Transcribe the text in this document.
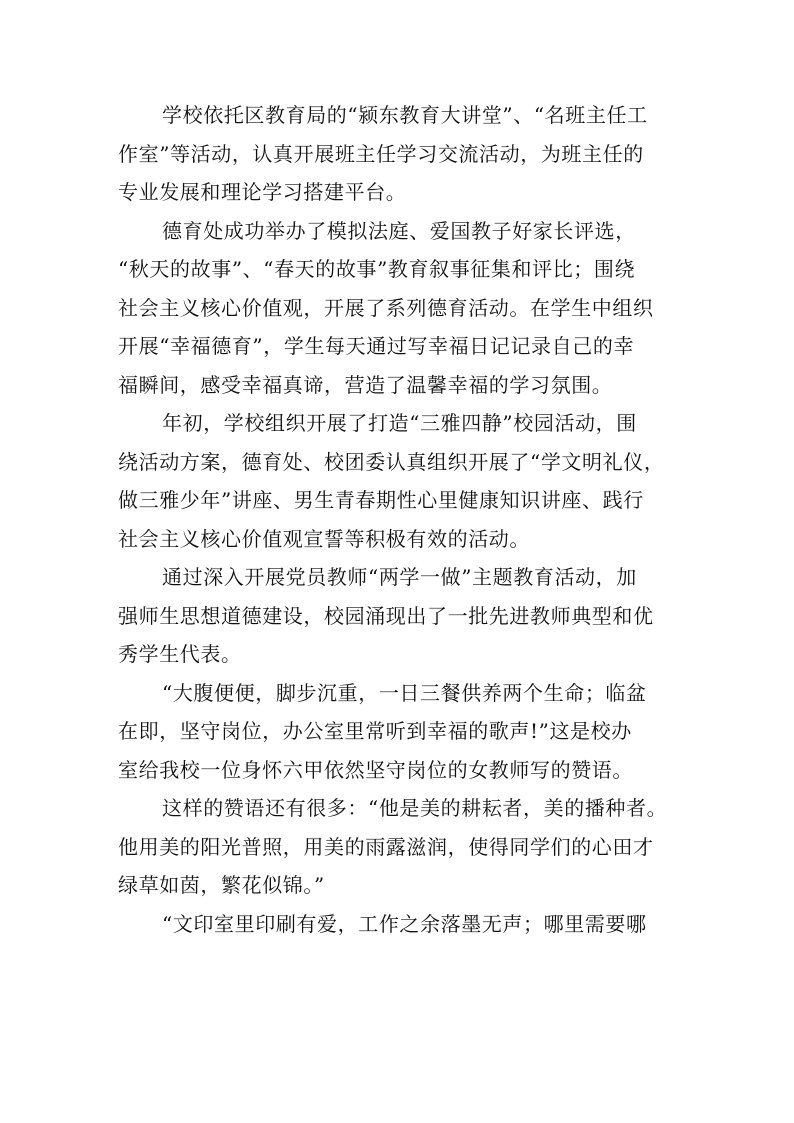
学校依托区教育局的“颍东教育大讲堂”、“名班主任工
作室”等活动，认真开展班主任学习交流活动，为班主任的
专业发展和理论学习搭建平台。

德育处成功举办了模拟法庭、爱国教子好家长评选，
“秋天的故事”、“春天的故事”教育叙事征集和评比；围绕
社会主义核心价值观，开展了系列德育活动。在学生中组织
开展“幸福德育”，学生每天通过写幸福日记记录自己的幸
福瞬间，感受幸福真谛，营造了温馨幸福的学习氛围。

年初，学校组织开展了打造“三雅四静”校园活动，围
绕活动方案，德育处、校团委认真组织开展了“学文明礼仪，
做三雅少年”讲座、男生青春期性心里健康知识讲座、践行
社会主义核心价值观宣誓等积极有效的活动。

通过深入开展党员教师“两学一做”主题教育活动，加
强师生思想道德建设，校园涌现出了一批先进教师典型和优
秀学生代表。

“大腹便便，脚步沉重，一日三餐供养两个生命；临盆
在即，坚守岗位，办公室里常听到幸福的歌声!”这是校办
室给我校一位身怀六甲依然坚守岗位的女教师写的赞语。

这样的赞语还有很多：“他是美的耕耘者，美的播种者。
他用美的阳光普照，用美的雨露滋润，使得同学们的心田才
绿草如茵，繁花似锦。”

“文印室里印刷有爱，工作之余落墨无声；哪里需要哪
